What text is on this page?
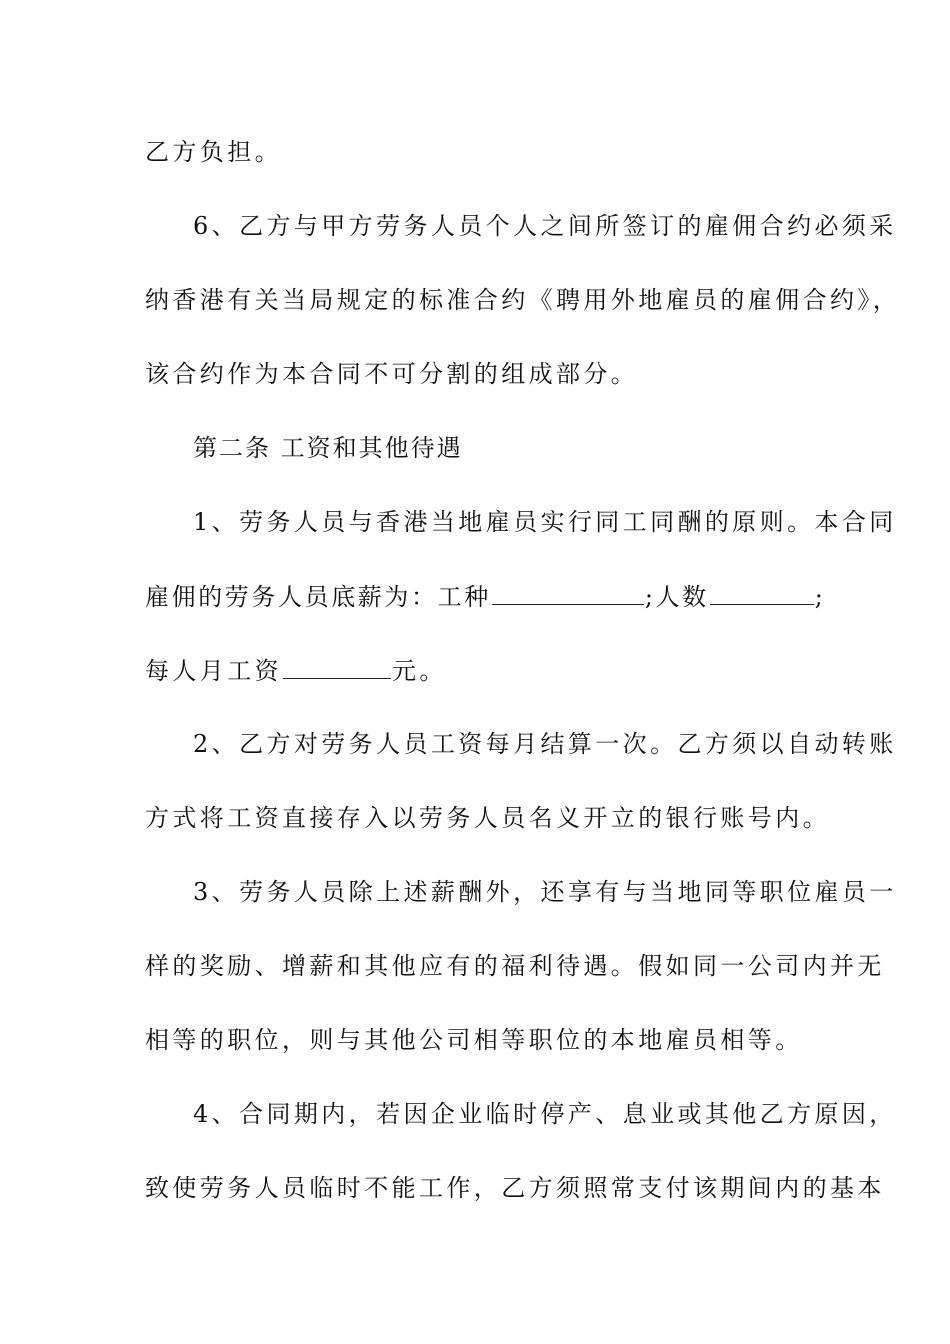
乙方负担。
6、乙方与甲方劳务人员个人之间所签订的雇佣合约必须采
纳香港有关当局规定的标准合约《聘用外地雇员的雇佣合约》，
该合约作为本合同不可分割的组成部分。
第二条 工资和其他待遇
1、劳务人员与香港当地雇员实行同工同酬的原则。本合同
雇佣的劳务人员底薪为：工种	;人数	;
每人月工资	元。
2、乙方对劳务人员工资每月结算一次。乙方须以自动转账
方式将工资直接存入以劳务人员名义开立的银行账号内。
3、劳务人员除上述薪酬外，还享有与当地同等职位雇员一
样的奖励、增薪和其他应有的福利待遇。假如同一公司内并无
相等的职位，则与其他公司相等职位的本地雇员相等。
4、合同期内，若因企业临时停产、息业或其他乙方原因，
致使劳务人员临时不能工作，乙方须照常支付该期间内的基本
